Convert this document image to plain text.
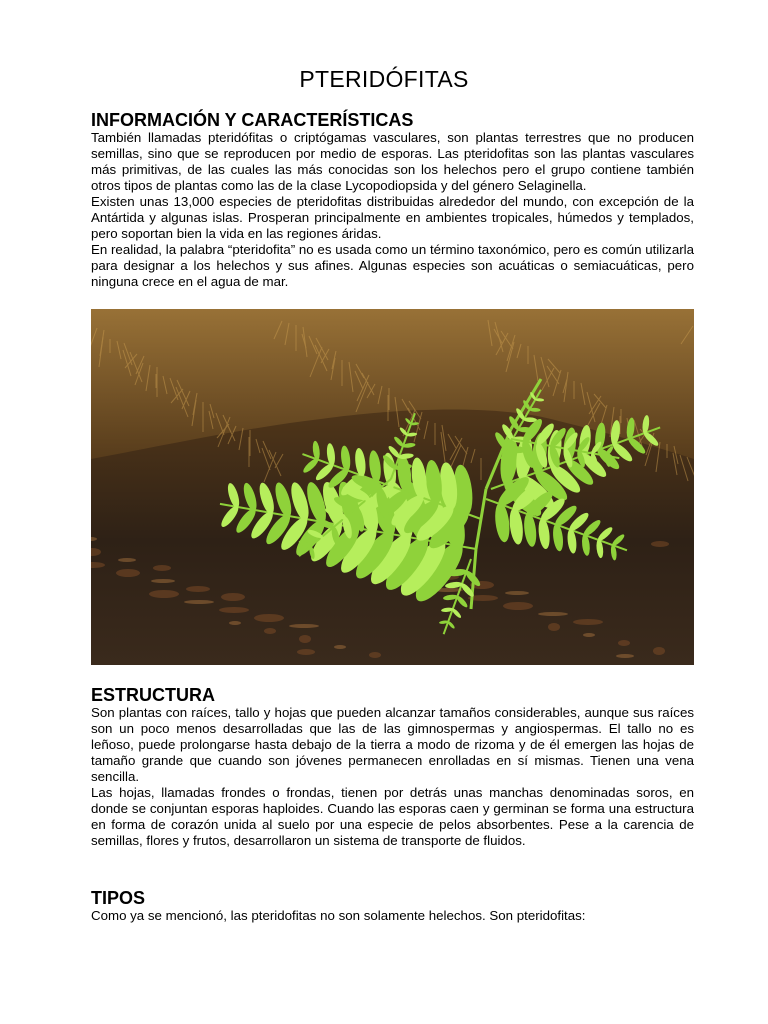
PTERIDÓFITAS
INFORMACIÓN Y CARACTERÍSTICAS

También llamadas pteridófitas o criptógamas vasculares, son plantas terrestres que no producen semillas, sino que se reproducen por medio de esporas. Las pteridofitas son las plantas vasculares más primitivas, de las cuales las más conocidas son los helechos pero el grupo contiene también otros tipos de plantas como las de la clase Lycopodiopsida y del género Selaginella.

Existen unas 13,000 especies de pteridofitas distribuidas alrededor del mundo, con excepción de la Antártida y algunas islas. Prosperan principalmente en ambientes tropicales, húmedos y templados, pero soportan bien la vida en las regiones áridas.

En realidad, la palabra “pteridofita” no es usada como un término taxonómico, pero es común utilizarla para designar a los helechos y sus afines. Algunas especies son acuáticas o semiacuáticas, pero ninguna crece en el agua de mar.

ESTRUCTURA

Son plantas con raíces, tallo y hojas que pueden alcanzar tamaños considerables, aunque sus raíces son un poco menos desarrolladas que las de las gimnospermas y angiospermas. El tallo no es leñoso, puede prolongarse hasta debajo de la tierra a modo de rizoma y de él emergen las hojas de tamaño grande que cuando son jóvenes permanecen enrolladas en sí mismas. Tienen una vena sencilla.

Las hojas, llamadas frondes o frondas, tienen por detrás unas manchas denominadas soros, en donde se conjuntan esporas haploides. Cuando las esporas caen y germinan se forma una estructura en forma de corazón unida al suelo por una especie de pelos absorbentes. Pese a la carencia de semillas, flores y frutos, desarrollaron un sistema de transporte de fluidos.

TIPOS

Como ya se mencionó, las pteridofitas no son solamente helechos. Son pteridofitas:
